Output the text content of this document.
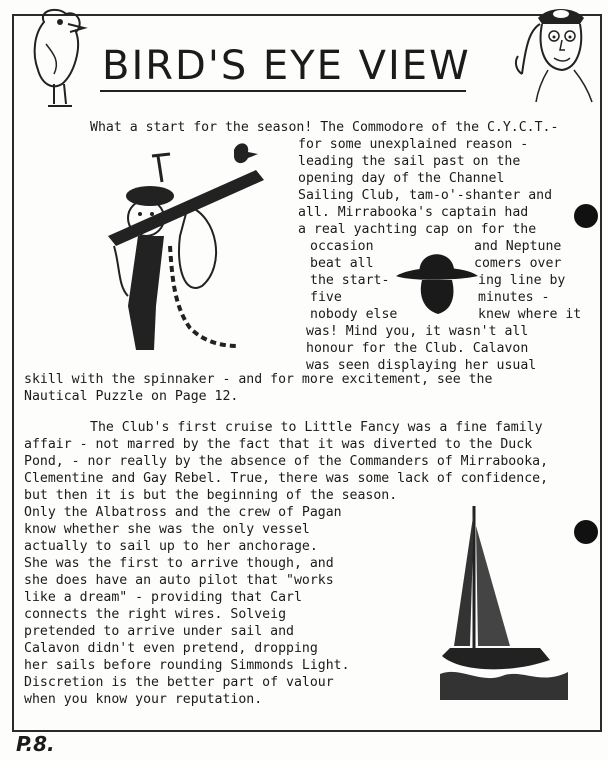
BIRD'S EYE VIEW
What a start for the season! The Commodore of the C.Y.C.T.-
for some unexplained reason -
leading the sail past on the
opening day of the Channel
Sailing Club, tam-o'-shanter and
all. Mirrabooka's captain had
a real yachting cap on for the
occasion	and Neptune
beat all	comers over
the start-	ing line by
five	minutes -
nobody else	knew where it
was! Mind you, it wasn't all
honour for the Club. Calavon
was seen displaying her usual
skill with the spinnaker - and for more excitement, see the
Nautical Puzzle on Page 12.
The Club's first cruise to Little Fancy was a fine family
affair - not marred by the fact that it was diverted to the Duck
Pond, - nor really by the absence of the Commanders of Mirrabooka,
Clementine and Gay Rebel. True, there was some lack of confidence,
but then it is but the beginning of the season.
Only the Albatross and the crew of Pagan
know whether she was the only vessel
actually to sail up to her anchorage.
She was the first to arrive though, and
she does have an auto pilot that "works
like a dream" - providing that Carl
connects the right wires. Solveig
pretended to arrive under sail and
Calavon didn't even pretend, dropping
her sails before rounding Simmonds Light.
Discretion is the better part of valour
when you know your reputation.
P.8.
